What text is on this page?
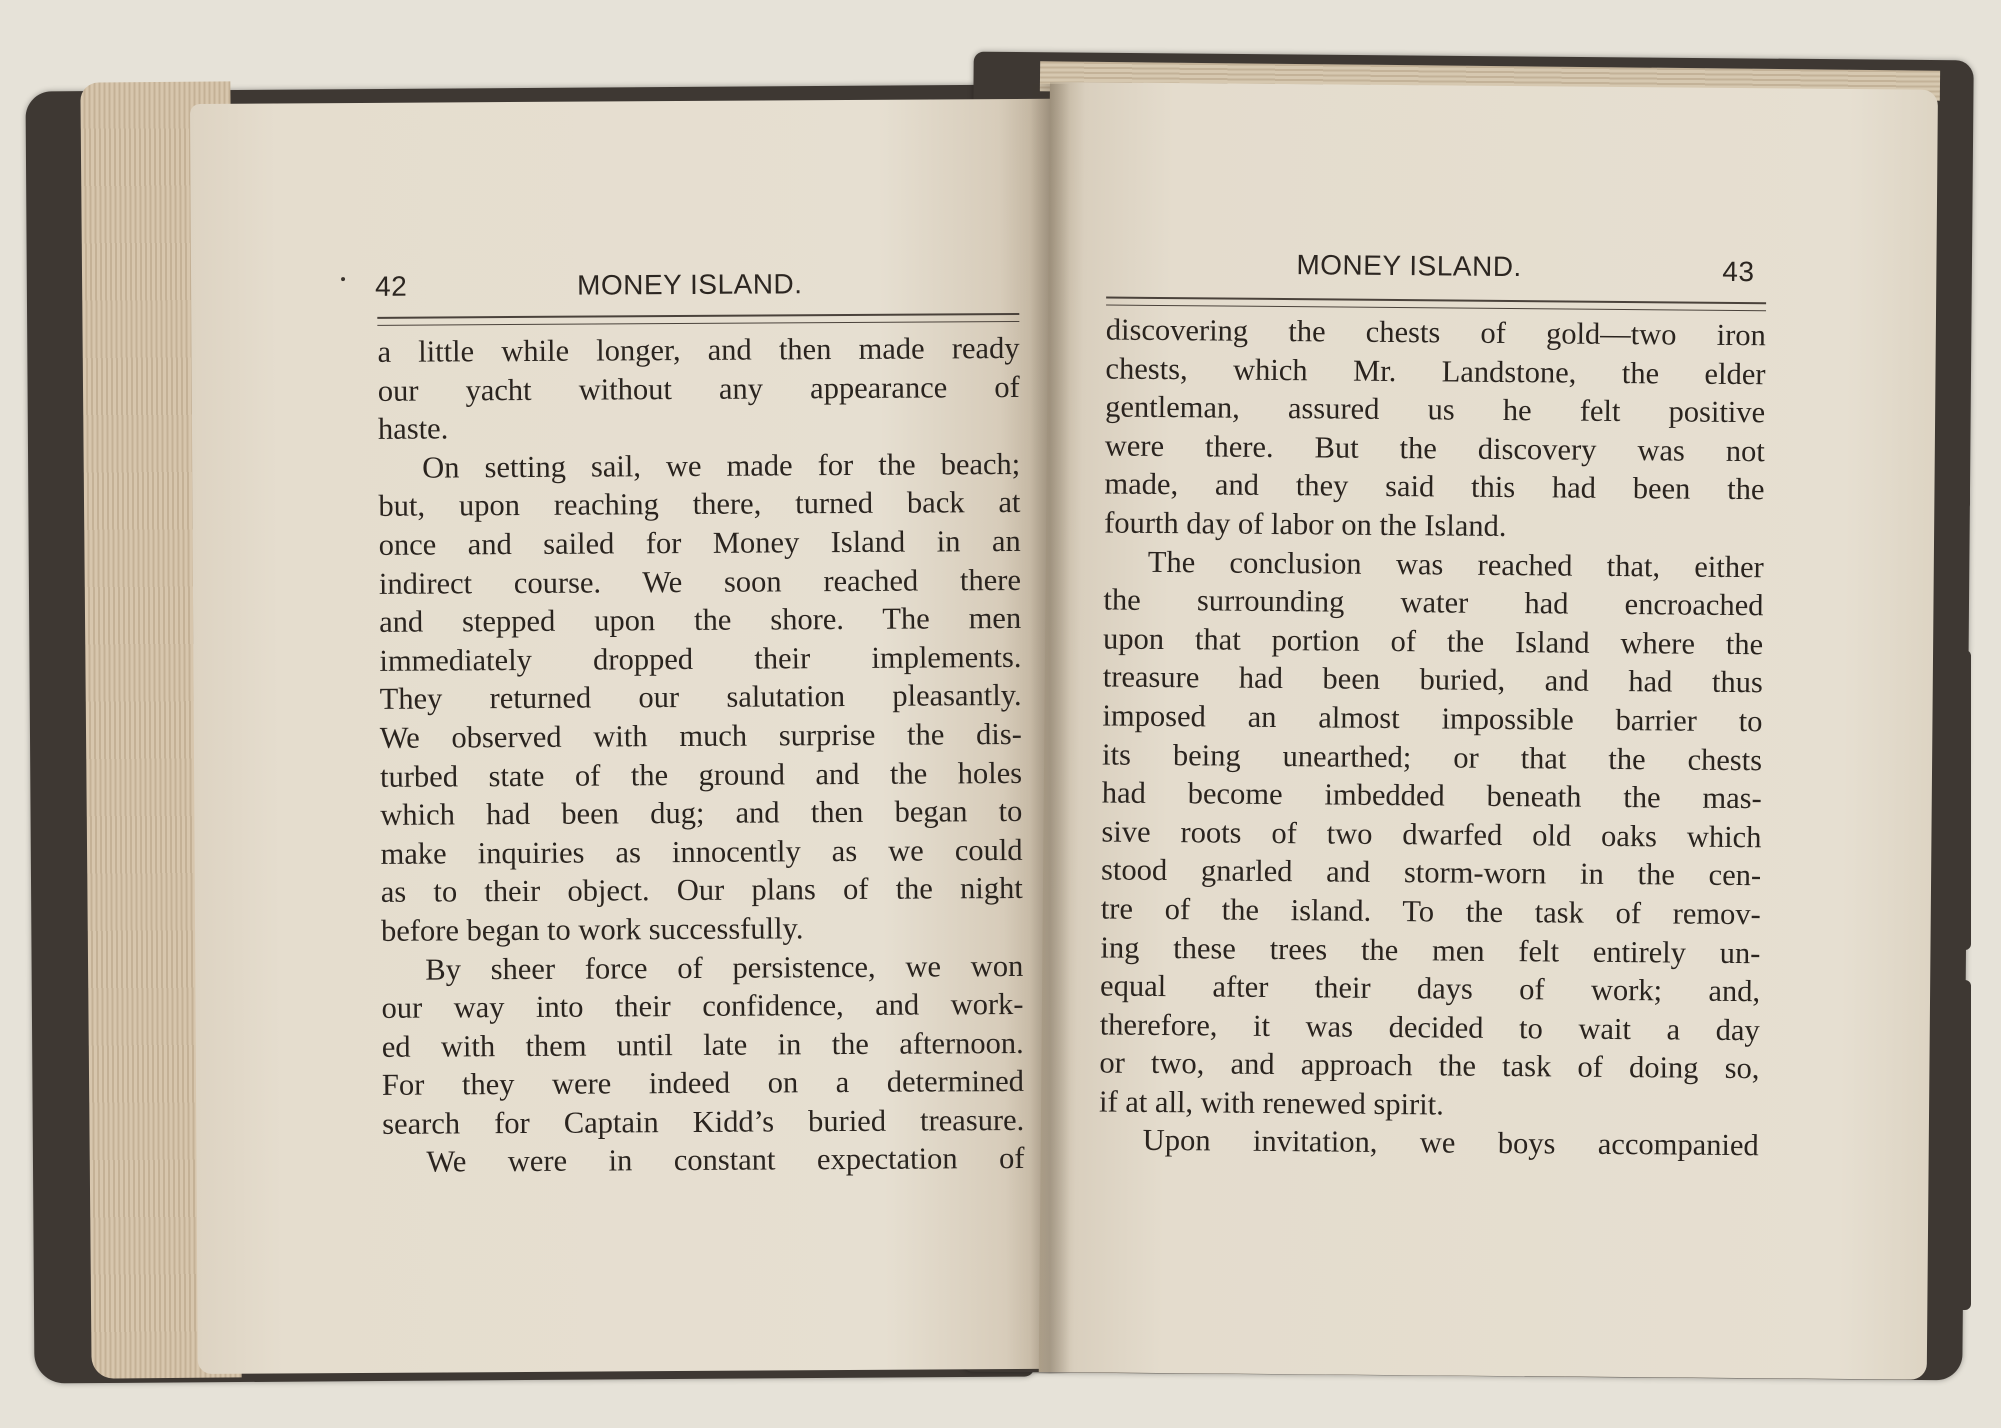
42	MONEY ISLAND.
a little while longer, and then made ready
our yacht without any appearance of
haste.
On setting sail, we made for the beach;
but, upon reaching there, turned back at
once and sailed for Money Island in an
indirect course. We soon reached there
and stepped upon the shore. The men
immediately dropped their implements.
They returned our salutation pleasantly.
We observed with much surprise the dis-
turbed state of the ground and the holes
which had been dug; and then began to
make inquiries as innocently as we could
as to their object. Our plans of the night
before began to work successfully.
By sheer force of persistence, we won
our way into their confidence, and work-
ed with them until late in the afternoon.
For they were indeed on a determined
search for Captain Kidd’s buried treasure.
We were in constant expectation of
MONEY ISLAND.	43
discovering the chests of gold—two iron
chests, which Mr. Landstone, the elder
gentleman, assured us he felt positive
were there. But the discovery was not
made, and they said this had been the
fourth day of labor on the Island.
The conclusion was reached that, either
the surrounding water had encroached
upon that portion of the Island where the
treasure had been buried, and had thus
imposed an almost impossible barrier to
its being unearthed; or that the chests
had become imbedded beneath the mas-
sive roots of two dwarfed old oaks which
stood gnarled and storm-worn in the cen-
tre of the island. To the task of remov-
ing these trees the men felt entirely un-
equal after their days of work; and,
therefore, it was decided to wait a day
or two, and approach the task of doing so,
if at all, with renewed spirit.
Upon invitation, we boys accompanied
